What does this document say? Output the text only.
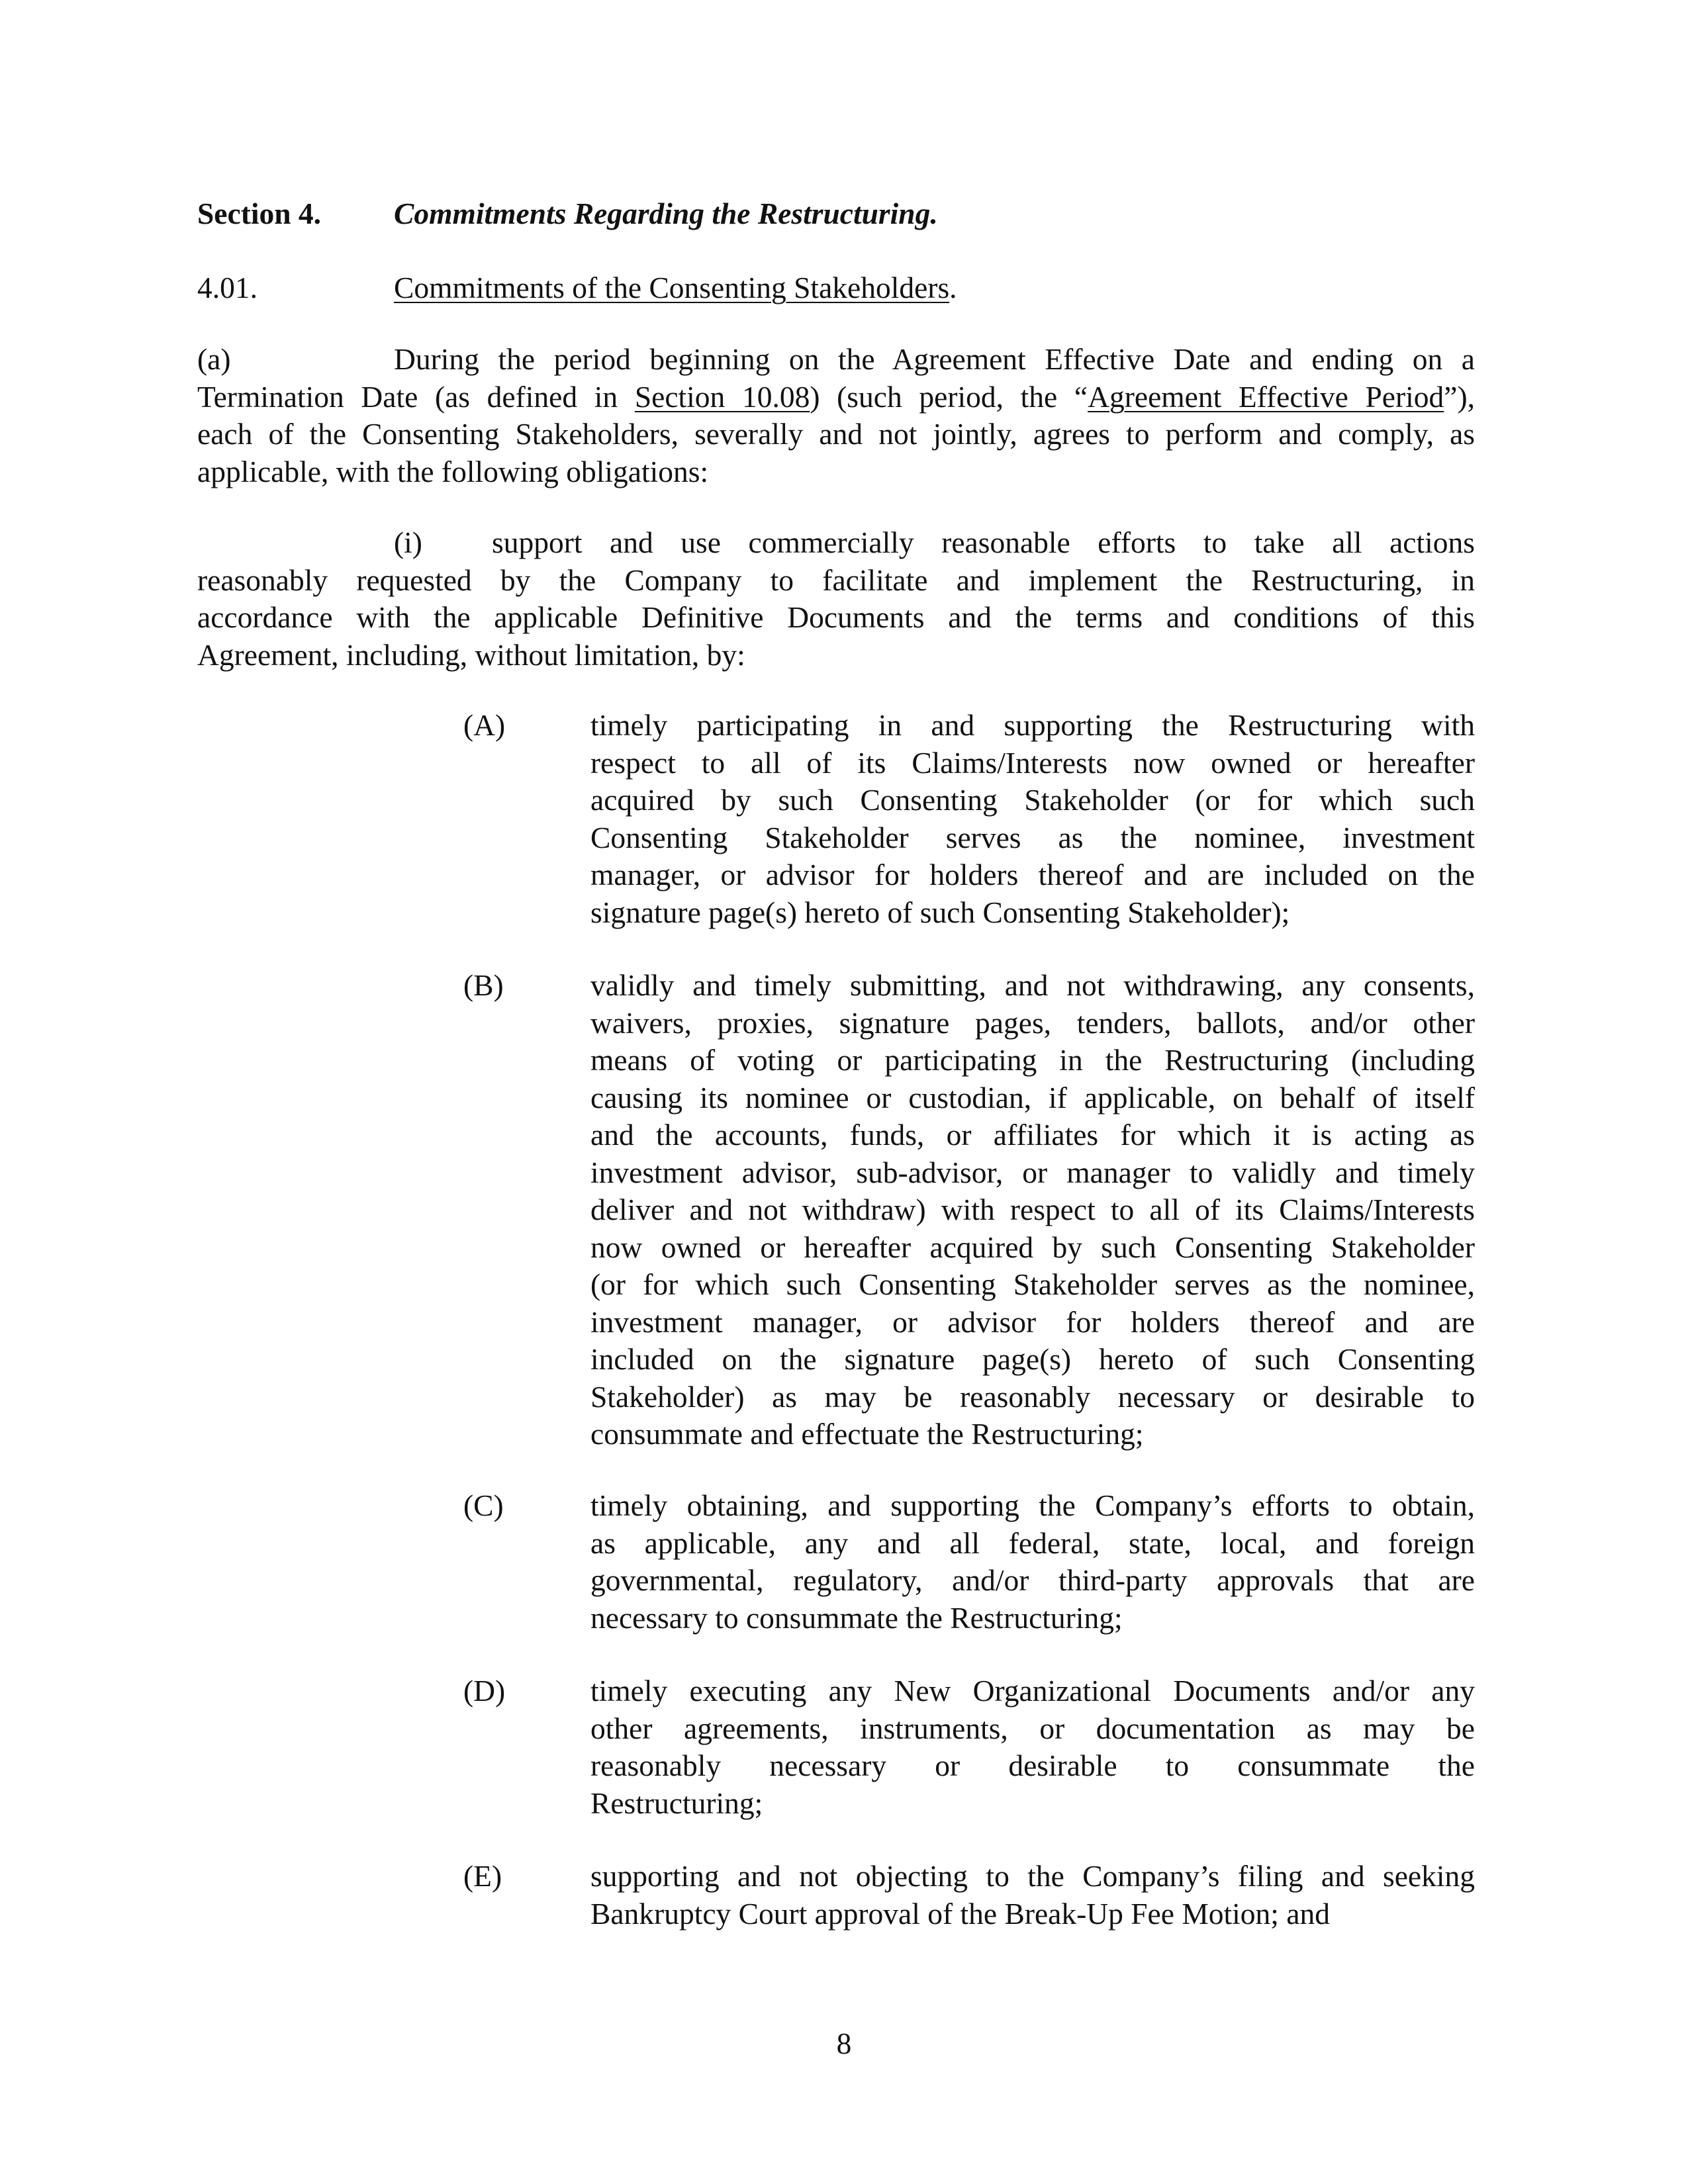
Section 4. Commitments Regarding the Restructuring.
4.01.	Commitments of the Consenting Stakeholders.
(a)	During the period beginning on the Agreement Effective Date and ending on a

Termination Date (as defined in Section 10.08) (such period, the “Agreement Effective Period”),
each of the Consenting Stakeholders, severally and not jointly, agrees to perform and comply, as
applicable, with the following obligations:
(i) support and use commercially reasonable efforts to take all actions
reasonably requested by the Company to facilitate and implement the Restructuring, in
accordance with the applicable Definitive Documents and the terms and conditions of this
Agreement, including, without limitation, by:
(A)	timely participating in and supporting the Restructuring with
respect to all of its Claims/Interests now owned or hereafter
acquired by such Consenting Stakeholder (or for which such
Consenting Stakeholder serves as the nominee, investment
manager, or advisor for holders thereof and are included on the
signature page(s) hereto of such Consenting Stakeholder);
(B)	validly and timely submitting, and not withdrawing, any consents,
waivers, proxies, signature pages, tenders, ballots, and/or other
means of voting or participating in the Restructuring (including
causing its nominee or custodian, if applicable, on behalf of itself
and the accounts, funds, or affiliates for which it is acting as
investment advisor, sub-advisor, or manager to validly and timely
deliver and not withdraw) with respect to all of its Claims/Interests
now owned or hereafter acquired by such Consenting Stakeholder
(or for which such Consenting Stakeholder serves as the nominee,
investment manager, or advisor for holders thereof and are
included on the signature page(s) hereto of such Consenting
Stakeholder) as may be reasonably necessary or desirable to
consummate and effectuate the Restructuring;
(C)	timely obtaining, and supporting the Company’s efforts to obtain,
as applicable, any and all federal, state, local, and foreign
governmental, regulatory, and/or third-party approvals that are
necessary to consummate the Restructuring;
(D)	timely executing any New Organizational Documents and/or any
other agreements, instruments, or documentation as may be
reasonably necessary or desirable to consummate the
Restructuring;
(E)	supporting and not objecting to the Company’s filing and seeking
Bankruptcy Court approval of the Break-Up Fee Motion; and
8
